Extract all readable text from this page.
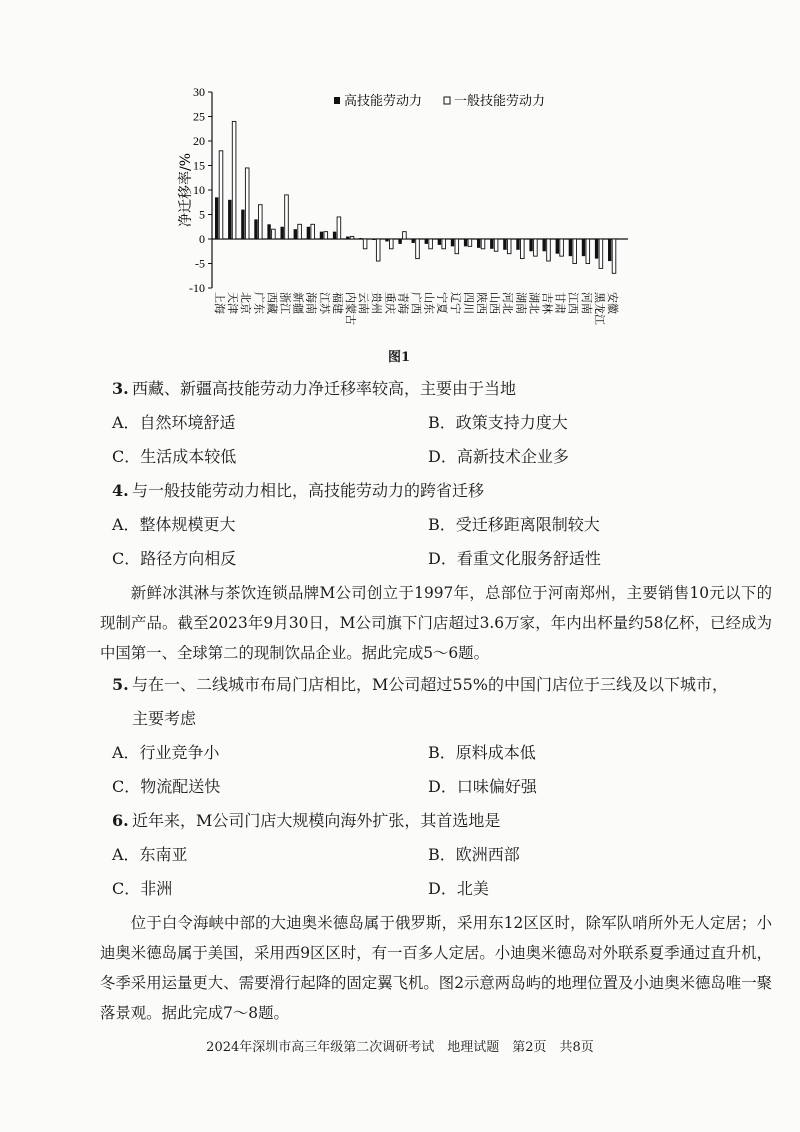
30
25
20
15
10
5
0
-5
-10
净迁移率/%
高技能劳动力 一般技能劳动力
上海 天津 北京 广东 西藏 浙江 新疆 海南 江苏 福建 内蒙古 云南 贵州 重庆 青海 广西 山东 宁夏 辽宁 四川 陕西 山西 河北 湖南 湖北 吉林 甘肃 江西 河南 黑龙江 安徽
图1
3. 西藏、新疆高技能劳动力净迁移率较高，主要由于当地
A．自然环境舒适	B．政策支持力度大
C．生活成本较低	D．高新技术企业多
4. 与一般技能劳动力相比，高技能劳动力的跨省迁移
A．整体规模更大	B．受迁移距离限制较大
C．路径方向相反	D．看重文化服务舒适性
新鲜冰淇淋与茶饮连锁品牌M公司创立于1997年，总部位于河南郑州，主要销售10元以下的现制产品。截至2023年9月30日，M公司旗下门店超过3.6万家，年内出杯量约58亿杯，已经成为中国第一、全球第二的现制饮品企业。据此完成5～6题。
5. 与在一、二线城市布局门店相比，M公司超过55%的中国门店位于三线及以下城市，
主要考虑
A．行业竞争小	B．原料成本低
C．物流配送快	D．口味偏好强
6. 近年来，M公司门店大规模向海外扩张，其首选地是
A．东南亚	B．欧洲西部
C．非洲	D．北美
位于白令海峡中部的大迪奥米德岛属于俄罗斯，采用东12区区时，除军队哨所外无人定居；小迪奥米德岛属于美国，采用西9区区时，有一百多人定居。小迪奥米德岛对外联系夏季通过直升机，冬季采用运量更大、需要滑行起降的固定翼飞机。图2示意两岛屿的地理位置及小迪奥米德岛唯一聚落景观。据此完成7～8题。
2024年深圳市高三年级第二次调研考试　地理试题　第2页　共8页
